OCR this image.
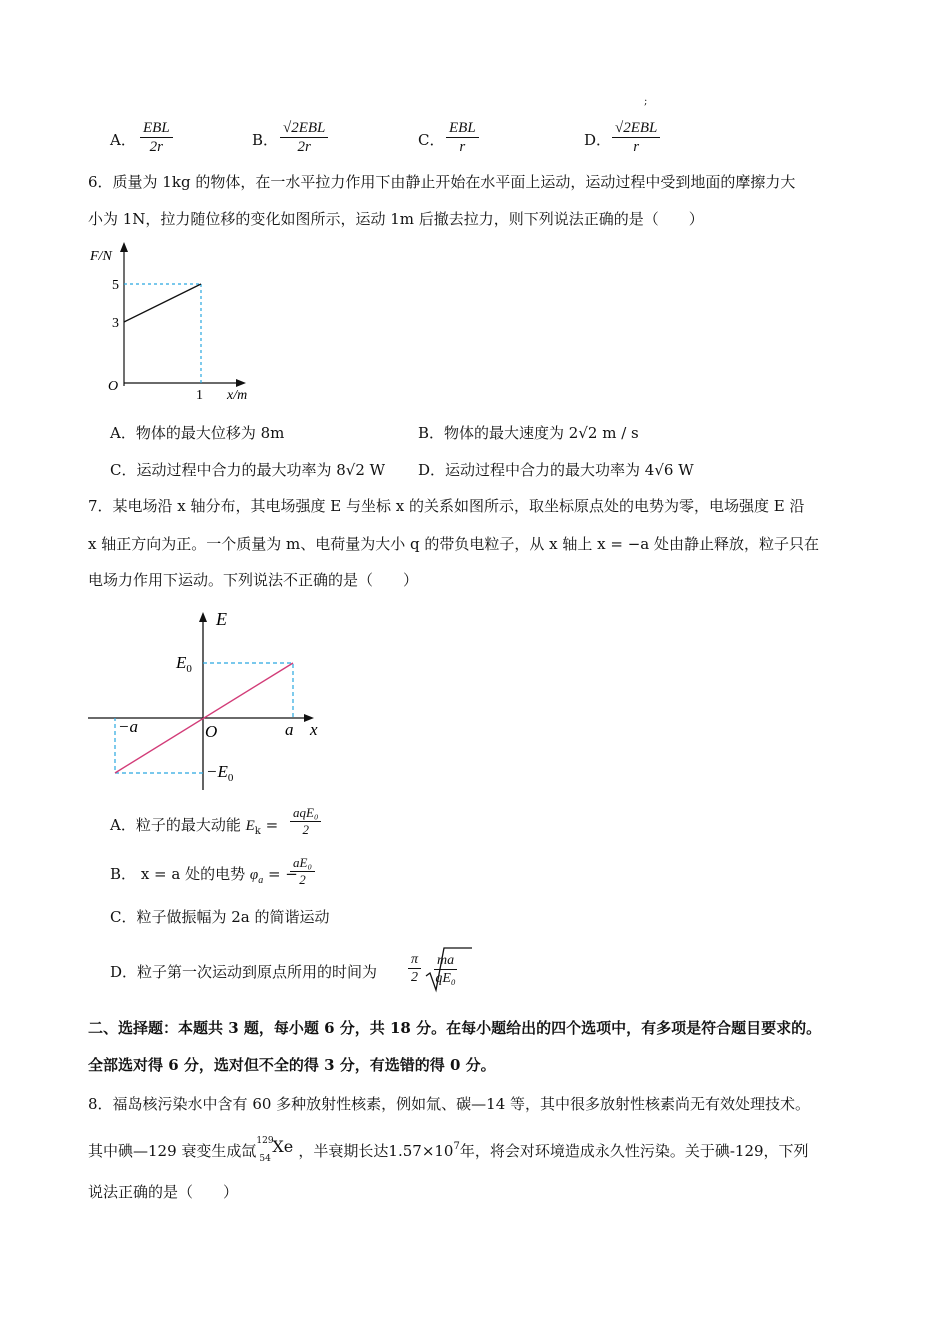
;
A．
EBL
2r	B．
√2EBL
2r	C．
EBL
r	D．
√2EBL
r
6．质量为 1kg 的物体，在一水平拉力作用下由静止开始在水平面上运动，运动过程中受到地面的摩擦力大
小为 1N，拉力随位移的变化如图所示，运动 1m 后撤去拉力，则下列说法正确的是（　　）
F/N
5
3
O
1 x/m
A．物体的最大位移为 8m	B．物体的最大速度为 2√2 m / s
C．运动过程中合力的最大功率为 8√2 W D．运动过程中合力的最大功率为 4√6 W
7．某电场沿 x 轴分布，其电场强度 E 与坐标 x 的关系如图所示，取坐标原点处的电势为零，电场强度 E 沿
x 轴正方向为正。一个质量为 m、电荷量为大小 q 的带负电粒子，从 x 轴上 x = −a 处由静止释放，粒子只在
电场力作用下运动。下列说法不正确的是（　　）
E
$E_0$
$-E_0$
−a	O	a x
A．粒子的最大动能 $E_k$ =
aqE₀
2
B． x = a 处的电势 $\varphi_a$ = −
$\frac{\text{aE₀}}{2}$
C．粒子做振幅为 2a 的简谐运动
D．粒子第一次运动到原点所用的时间为 $\frac{\pi}{2} \frac{ma}{\text{qE₀}}$
二、选择题：本题共 3 题，每小题 6 分，共 18 分。在每小题给出的四个选项中，有多项是符合题目要求的。
全部选对得 6 分，选对但不全的得 3 分，有选错的得 0 分。
8．福岛核污染水中含有 60 多种放射性核素，例如氚、碳—14 等，其中很多放射性核素尚无有效处理技术。
其中碘—129 衰变生成氙
129
54
Xe ，半衰期长达$1.57\times 10^7$年，将会对环境造成永久性污染。关于碘-129，下列
说法正确的是（　　）
